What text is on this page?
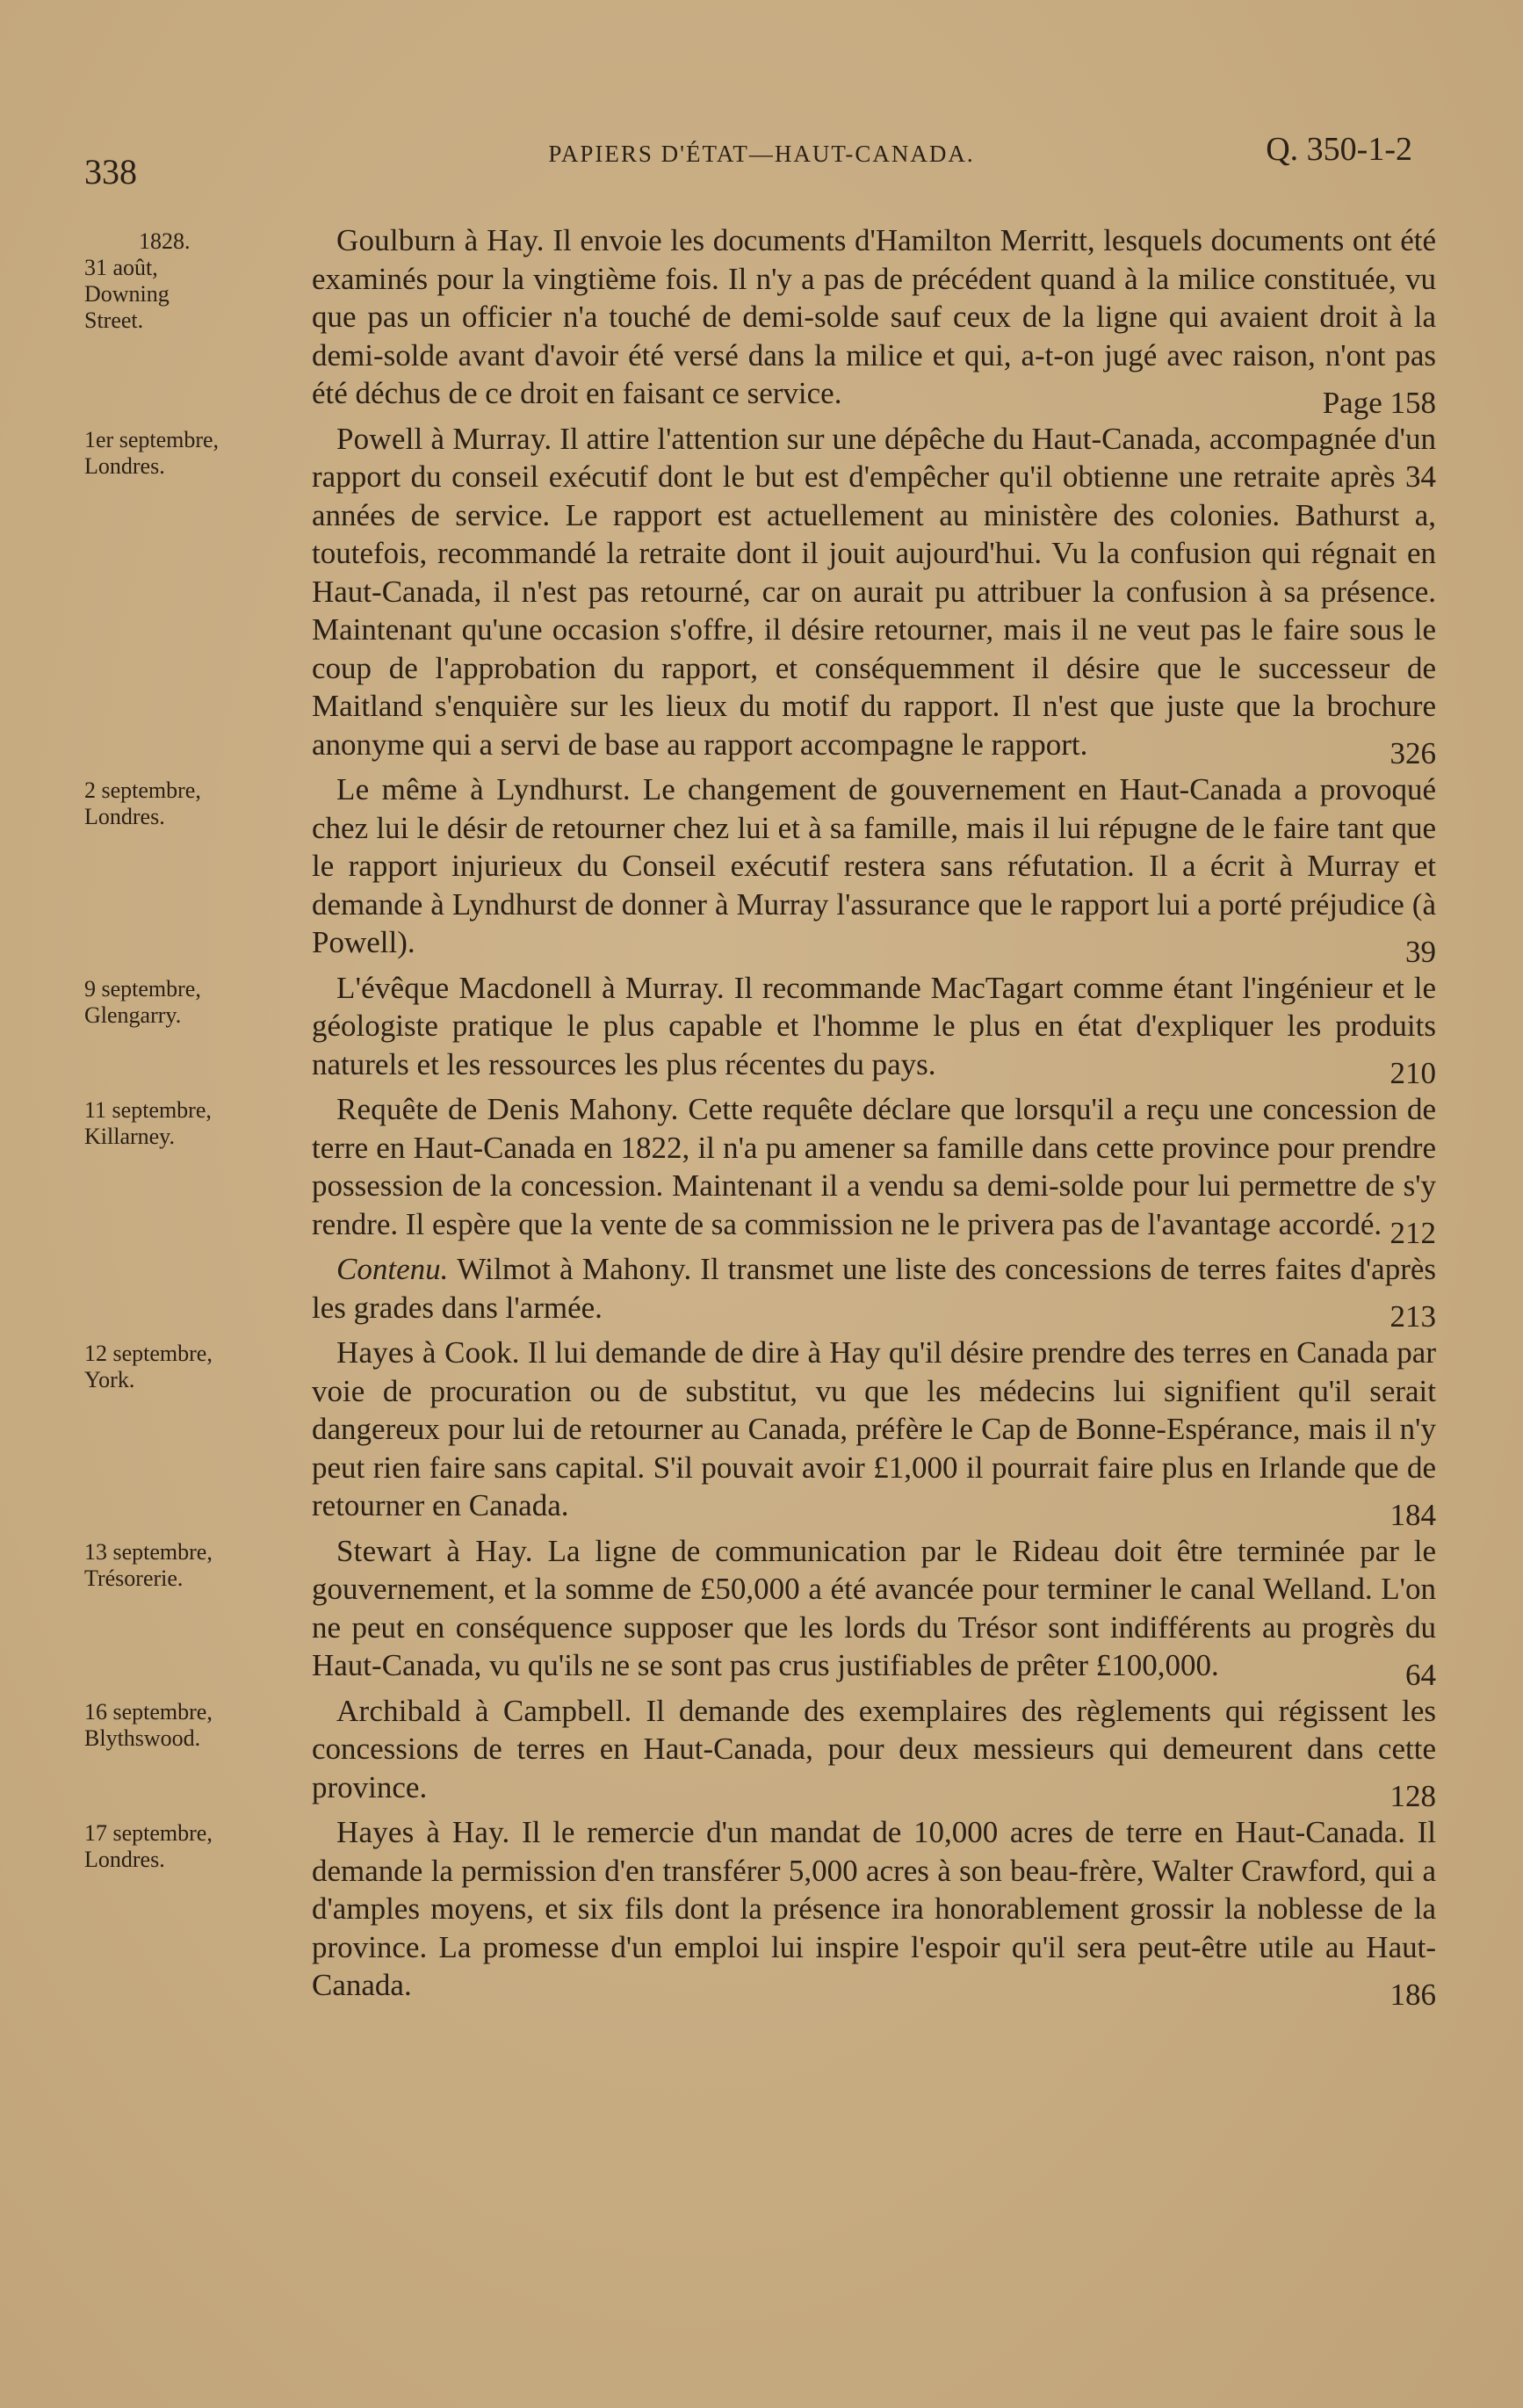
338	PAPIERS D'ÉTAT—HAUT-CANADA.	Q. 350-1-2
1828.
31 août,
Downing
Street.
Goulburn à Hay. Il envoie les documents d'Hamilton Merritt, lesquels documents ont été examinés pour la vingtième fois. Il n'y a pas de précédent quand à la milice constituée, vu que pas un officier n'a touché de demi-solde sauf ceux de la ligne qui avaient droit à la demi-solde avant d'avoir été versé dans la milice et qui, a-t-on jugé avec raison, n'ont pas été déchus de ce droit en faisant ce service.	Page 158
1er septembre,
Londres.
Powell à Murray. Il attire l'attention sur une dépêche du Haut-Canada, accompagnée d'un rapport du conseil exécutif dont le but est d'empêcher qu'il obtienne une retraite après 34 années de service. Le rapport est actuellement au ministère des colonies. Bathurst a, toutefois, recommandé la retraite dont il jouit aujourd'hui. Vu la confusion qui régnait en Haut-Canada, il n'est pas retourné, car on aurait pu attribuer la confusion à sa présence. Maintenant qu'une occasion s'offre, il désire retourner, mais il ne veut pas le faire sous le coup de l'approbation du rapport, et conséquemment il désire que le successeur de Maitland s'enquière sur les lieux du motif du rapport. Il n'est que juste que la brochure anonyme qui a servi de base au rapport accompagne le rapport.	326
2 septembre,
Londres.
Le même à Lyndhurst. Le changement de gouvernement en Haut-Canada a provoqué chez lui le désir de retourner chez lui et à sa famille, mais il lui répugne de le faire tant que le rapport injurieux du Conseil exécutif restera sans réfutation. Il a écrit à Murray et demande à Lyndhurst de donner à Murray l'assurance que le rapport lui a porté préjudice (à Powell).	39
9 septembre,
Glengarry.
L'évêque Macdonell à Murray. Il recommande MacTagart comme étant l'ingénieur et le géologiste pratique le plus capable et l'homme le plus en état d'expliquer les produits naturels et les ressources les plus récentes du pays.	210
11 septembre,
Killarney.
Requête de Denis Mahony. Cette requête déclare que lorsqu'il a reçu une concession de terre en Haut-Canada en 1822, il n'a pu amener sa famille dans cette province pour prendre possession de la concession. Maintenant il a vendu sa demi-solde pour lui permettre de s'y rendre. Il espère que la vente de sa commission ne le privera pas de l'avantage accordé. 212
Contenu. Wilmot à Mahony. Il transmet une liste des concessions de terres faites d'après les grades dans l'armée.	213
12 septembre,
York.
Hayes à Cook. Il lui demande de dire à Hay qu'il désire prendre des terres en Canada par voie de procuration ou de substitut, vu que les médecins lui signifient qu'il serait dangereux pour lui de retourner au Canada, préfère le Cap de Bonne-Espérance, mais il n'y peut rien faire sans capital. S'il pouvait avoir £1,000 il pourrait faire plus en Irlande que de retourner en Canada.	184
13 septembre,
Trésorerie.
Stewart à Hay. La ligne de communication par le Rideau doit être terminée par le gouvernement, et la somme de £50,000 a été avancée pour terminer le canal Welland. L'on ne peut en conséquence supposer que les lords du Trésor sont indifférents au progrès du Haut-Canada, vu qu'ils ne se sont pas crus justifiables de prêter £100,000.	64
16 septembre,
Blythswood.
Archibald à Campbell. Il demande des exemplaires des règlements qui régissent les concessions de terres en Haut-Canada, pour deux messieurs qui demeurent dans cette province.	128
17 septembre,
Londres.
Hayes à Hay. Il le remercie d'un mandat de 10,000 acres de terre en Haut-Canada. Il demande la permission d'en transférer 5,000 acres à son beau-frère, Walter Crawford, qui a d'amples moyens, et six fils dont la présence ira honorablement grossir la noblesse de la province. La promesse d'un emploi lui inspire l'espoir qu'il sera peut-être utile au Haut-Canada.	186
